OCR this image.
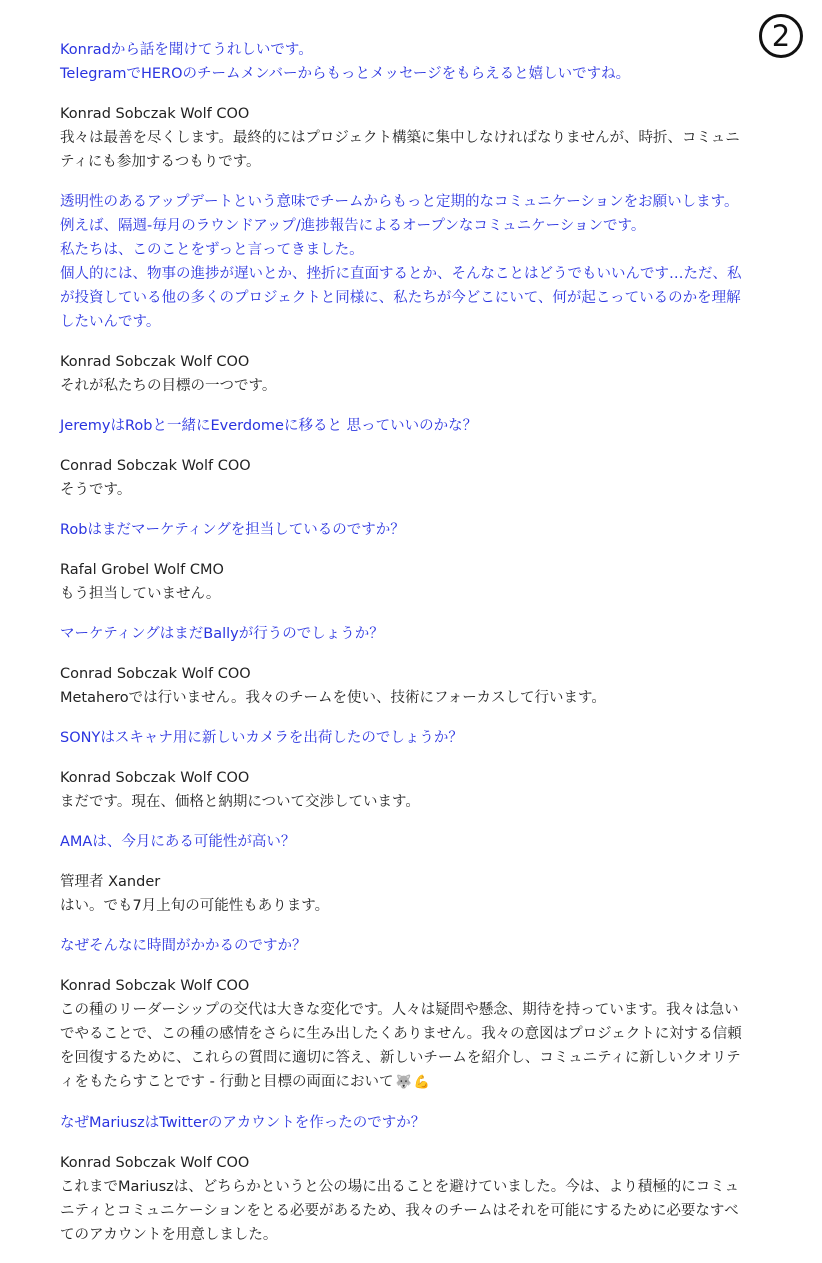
2
Konradから話を聞けてうれしいです。
TelegramでHEROのチームメンバーからもっとメッセージをもらえると嬉しいですね。
Konrad Sobczak Wolf COO
我々は最善を尽くします。最終的にはプロジェクト構築に集中しなければなりませんが、時折、コミュニ
ティにも参加するつもりです。
透明性のあるアップデートという意味でチームからもっと定期的なコミュニケーションをお願いします。
例えば、隔週-毎月のラウンドアップ/進捗報告によるオープンなコミュニケーションです。
私たちは、このことをずっと言ってきました。
個人的には、物事の進捗が遅いとか、挫折に直面するとか、そんなことはどうでもいいんです…ただ、私
が投資している他の多くのプロジェクトと同様に、私たちが今どこにいて、何が起こっているのかを理解
したいんです。
Konrad Sobczak Wolf COO
それが私たちの目標の一つです。
JeremyはRobと一緒にEverdomeに移ると 思っていいのかな？
Conrad Sobczak Wolf COO
そうです。
Robはまだマーケティングを担当しているのですか？
Rafal Grobel Wolf CMO
もう担当していません。
マーケティングはまだBallyが行うのでしょうか？
Conrad Sobczak Wolf COO
Metaheroでは行いません。我々のチームを使い、技術にフォーカスして行います。
SONYはスキャナ用に新しいカメラを出荷したのでしょうか？
Konrad Sobczak Wolf COO
まだです。現在、価格と納期について交渉しています。
AMAは、今月にある可能性が高い？
管理者 Xander
はい。でも7月上旬の可能性もあります。
なぜそんなに時間がかかるのですか？
Konrad Sobczak Wolf COO
この種のリーダーシップの交代は大きな変化です。人々は疑問や懸念、期待を持っています。我々は急い
でやることで、この種の感情をさらに生み出したくありません。我々の意図はプロジェクトに対する信頼
を回復するために、これらの質問に適切に答え、新しいチームを紹介し、コミュニティに新しいクオリテ
ィをもたらすことです - 行動と目標の両面において 🐺 💪
なぜMariuszはTwitterのアカウントを作ったのですか？
Konrad Sobczak Wolf COO
これまでMariuszは、どちらかというと公の場に出ることを避けていました。今は、より積極的にコミュ
ニティとコミュニケーションをとる必要があるため、我々のチームはそれを可能にするために必要なすべ
てのアカウントを用意しました。
